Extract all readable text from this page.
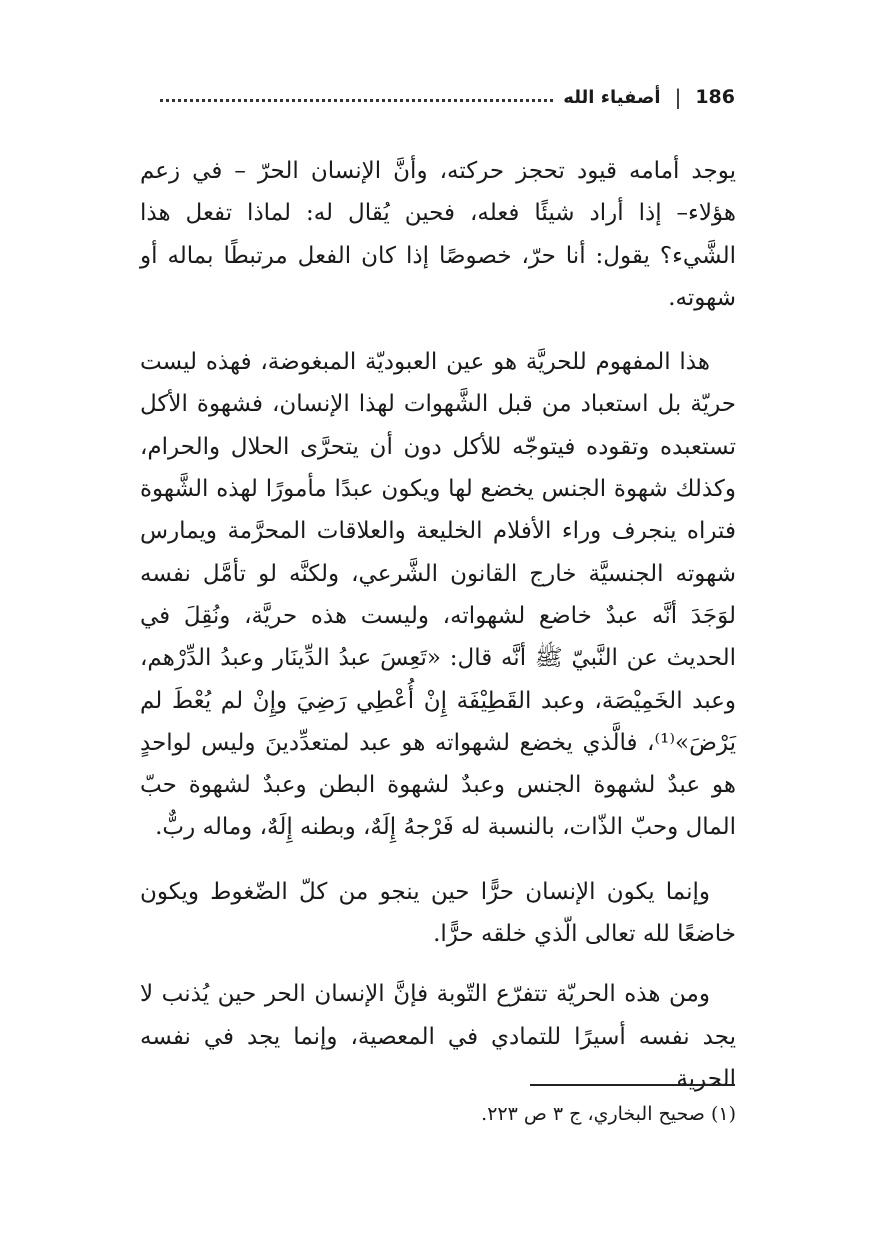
186
|
أصفياء الله

يوجد أمامه قيود تحجز حركته، وأنَّ الإنسان الحرّ – في زعم هؤلاء– إذا أراد شيئًا فعله، فحين يُقال له: لماذا تفعل هذا الشَّيء؟ يقول: أنا حرّ، خصوصًا إذا كان الفعل مرتبطًا بماله أو شهوته.

هذا المفهوم للحريَّة هو عين العبوديّة المبغوضة، فهذه ليست حريّة بل استعباد من قبل الشَّهوات لهذا الإنسان، فشهوة الأكل تستعبده وتقوده فيتوجّه للأكل دون أن يتحرَّى الحلال والحرام، وكذلك شهوة الجنس يخضع لها ويكون عبدًا مأمورًا لهذه الشَّهوة فتراه ينجرف وراء الأفلام الخليعة والعلاقات المحرَّمة ويمارس شهوته الجنسيَّة خارج القانون الشَّرعي، ولكنَّه لو تأمَّل نفسه لوَجَدَ أنَّه عبدٌ خاضع لشهواته، وليست هذه حريَّة، ونُقِلَ في الحديث عن النَّبيّ ﷺ أنَّه قال: «تَعِسَ عبدُ الدِّينَار وعبدُ الدِّرْهم، وعبد الخَمِيْصَة، وعبد القَطِيْفَة إِنْ أُعْطِي رَضِيَ وإِنْ لم يُعْطَ لم يَرْضَ»⁽¹⁾، فالَّذي يخضع لشهواته هو عبد لمتعدِّدينَ وليس لواحدٍ هو عبدٌ لشهوة الجنس وعبدٌ لشهوة البطن وعبدٌ لشهوة حبّ المال وحبّ الذّات، بالنسبة له فَرْجهُ إِلَهٌ، وبطنه إِلَهٌ، وماله ربٌّ.

وإنما يكون الإنسان حرًّا حين ينجو من كلّ الضّغوط ويكون خاضعًا لله تعالى الّذي خلقه حرًّا.

ومن هذه الحريّة تتفرّع التّوبة فإنَّ الإنسان الحر حين يُذنب لا يجد نفسه أسيرًا للتمادي في المعصية، وإنما يجد في نفسه الحرية

(١) صحيح البخاري، ج ٣ ص ٢٢٣.
